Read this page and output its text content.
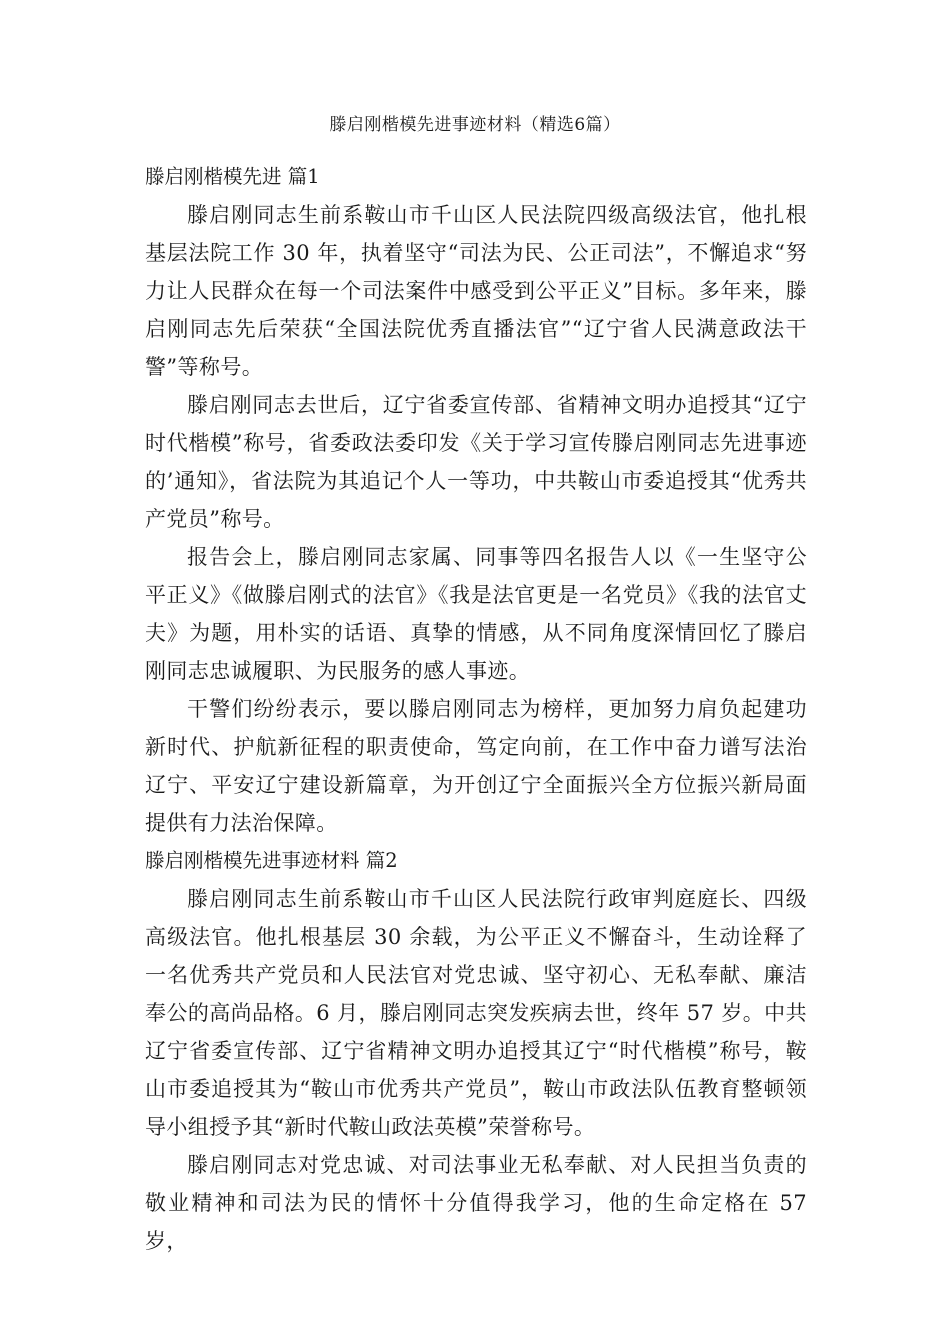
滕启刚楷模先进事迹材料（精选6篇）
滕启刚楷模先进 篇1

滕启刚同志生前系鞍山市千山区人民法院四级高级法官，他扎根基层法院工作 30 年，执着坚守“司法为民、公正司法”，不懈追求“努力让人民群众在每一个司法案件中感受到公平正义”目标。多年来，滕启刚同志先后荣获“全国法院优秀直播法官”“辽宁省人民满意政法干警”等称号。

滕启刚同志去世后，辽宁省委宣传部、省精神文明办追授其“辽宁时代楷模”称号，省委政法委印发《关于学习宣传滕启刚同志先进事迹的’通知》，省法院为其追记个人一等功，中共鞍山市委追授其“优秀共产党员”称号。

报告会上，滕启刚同志家属、同事等四名报告人以《一生坚守公平正义》《做滕启刚式的法官》《我是法官更是一名党员》《我的法官丈夫》为题，用朴实的话语、真挚的情感，从不同角度深情回忆了滕启刚同志忠诚履职、为民服务的感人事迹。

干警们纷纷表示，要以滕启刚同志为榜样，更加努力肩负起建功新时代、护航新征程的职责使命，笃定向前，在工作中奋力谱写法治辽宁、平安辽宁建设新篇章，为开创辽宁全面振兴全方位振兴新局面提供有力法治保障。

滕启刚楷模先进事迹材料 篇2

滕启刚同志生前系鞍山市千山区人民法院行政审判庭庭长、四级高级法官。他扎根基层 30 余载，为公平正义不懈奋斗，生动诠释了一名优秀共产党员和人民法官对党忠诚、坚守初心、无私奉献、廉洁奉公的高尚品格。6 月，滕启刚同志突发疾病去世，终年 57 岁。中共辽宁省委宣传部、辽宁省精神文明办追授其辽宁“时代楷模”称号，鞍山市委追授其为“鞍山市优秀共产党员”，鞍山市政法队伍教育整顿领导小组授予其“新时代鞍山政法英模”荣誉称号。

滕启刚同志对党忠诚、对司法事业无私奉献、对人民担当负责的敬业精神和司法为民的情怀十分值得我学习，他的生命定格在 57 岁，
